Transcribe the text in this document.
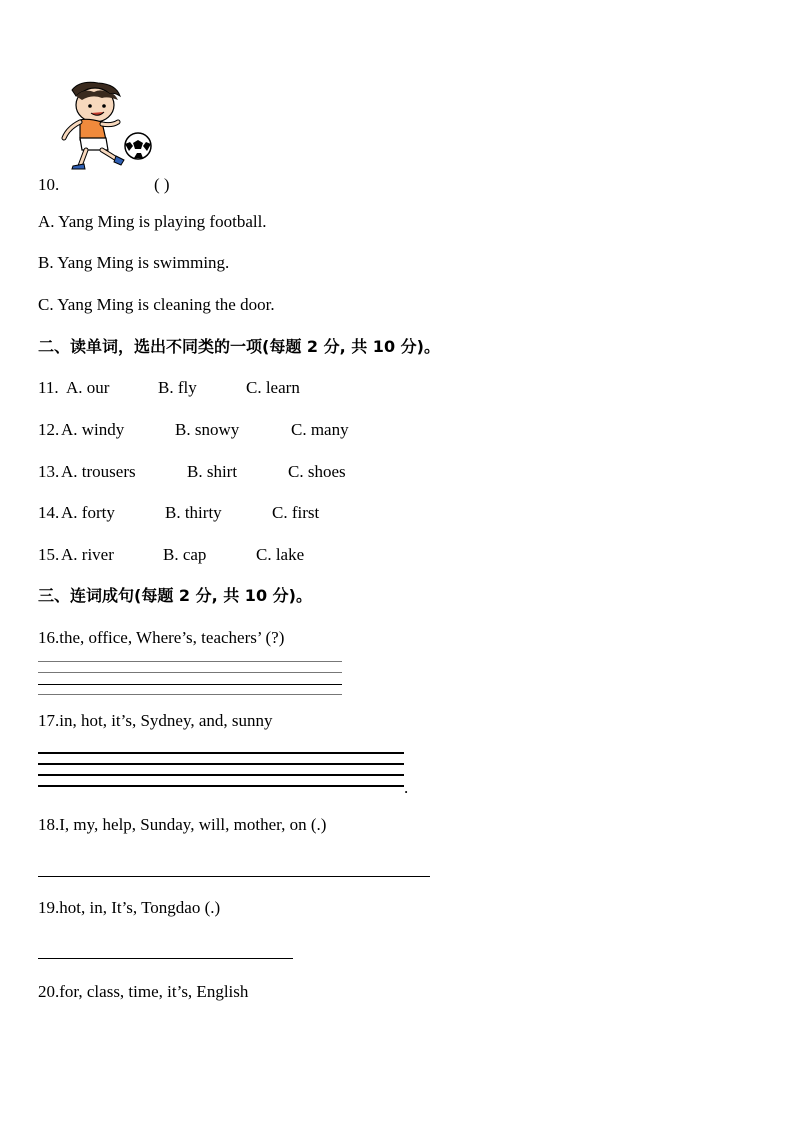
10.	( )
A. Yang Ming is playing football.
B. Yang Ming is swimming.
C. Yang Ming is cleaning the door.
二、读单词，选出不同类的一项(每题 2 分, 共 10 分)。
11. A. our	B. fly	C. learn
12. A. windy	B. snowy	C. many
13. A. trousers	B. shirt	C. shoes
14. A. forty	B. thirty	C. first
15. A. river	B. cap	C. lake
三、连词成句(每题 2 分, 共 10 分)。
16.the, office, Where’s, teachers’ (?)
17.in, hot, it’s, Sydney, and, sunny
.
18.I, my, help, Sunday, will, mother, on (.)
19.hot, in, It’s, Tongdao (.)
20.for, class, time, it’s, English
